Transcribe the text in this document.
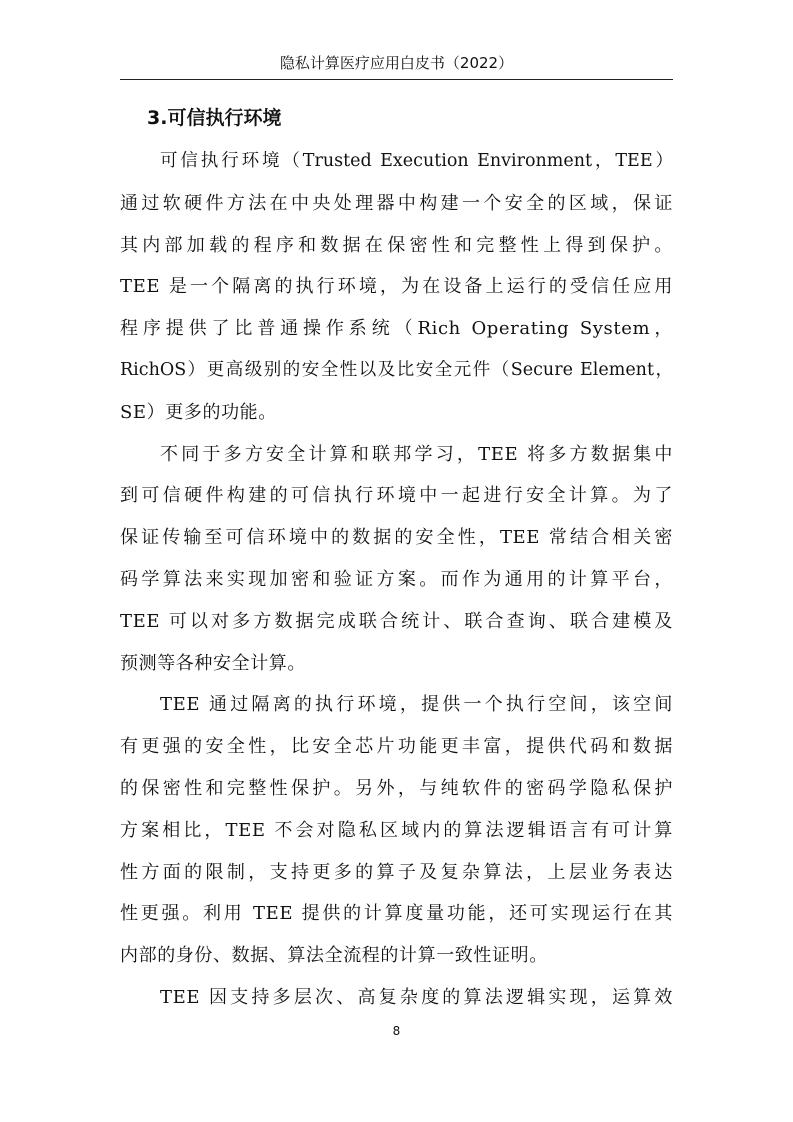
隐私计算医疗应用白皮书（2022）
3.可信执行环境
可信执行环境（Trusted Execution Environment，TEE）
通过软硬件方法在中央处理器中构建一个安全的区域，保证
其内部加载的程序和数据在保密性和完整性上得到保护。
TEE 是一个隔离的执行环境，为在设备上运行的受信任应用
程序提供了比普通操作系统（Rich Operating System，
RichOS）更高级别的安全性以及比安全元件（Secure Element，
SE）更多的功能。
不同于多方安全计算和联邦学习，TEE 将多方数据集中
到可信硬件构建的可信执行环境中一起进行安全计算。为了
保证传输至可信环境中的数据的安全性，TEE 常结合相关密
码学算法来实现加密和验证方案。而作为通用的计算平台，
TEE 可以对多方数据完成联合统计、联合查询、联合建模及
预测等各种安全计算。
TEE 通过隔离的执行环境，提供一个执行空间，该空间
有更强的安全性，比安全芯片功能更丰富，提供代码和数据
的保密性和完整性保护。另外，与纯软件的密码学隐私保护
方案相比，TEE 不会对隐私区域内的算法逻辑语言有可计算
性方面的限制，支持更多的算子及复杂算法，上层业务表达
性更强。利用 TEE 提供的计算度量功能，还可实现运行在其
内部的身份、数据、算法全流程的计算一致性证明。
TEE 因支持多层次、高复杂度的算法逻辑实现，运算效
8
